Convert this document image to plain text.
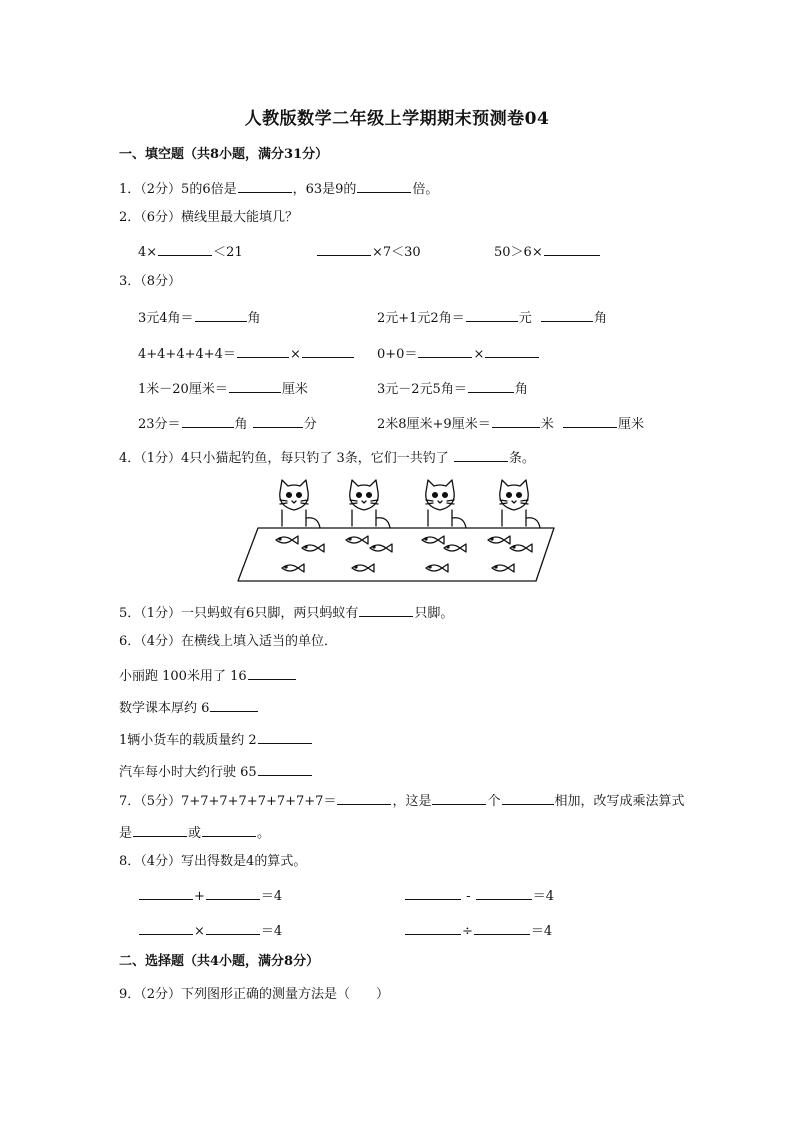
人教版数学二年级上学期期末预测卷04
一、填空题（共8小题，满分31分）
1．（2分）5的6倍是	，63是9的	倍。
2．（6分）横线里最大能填几？
4×	＜21	×7＜30	50＞6×
3．（8分）
3元4角＝	角	2元+1元2角＝	元	角
4+4+4+4+4＝	×	0+0＝	×
1米－20厘米＝	厘米	3元－2元5角＝	角
23分＝	角	分	2米8厘米+9厘米＝	米	厘米
4．（1分）4只小猫起钓鱼，每只钓了 3条，它们一共钓了	条。
5．（1分）一只蚂蚁有6只脚，两只蚂蚁有	只脚。
6．（4分）在横线上填入适当的单位．
小丽跑 100米用了 16
数学课本厚约 6
1辆小货车的载质量约 2
汽车每小时大约行驶 65
7．（5分）7+7+7+7+7+7+7+7＝	，这是	个	相加，改写成乘法算式
是	或	。
8．（4分）写出得数是4的算式。
+	＝4	-	＝4
×	＝4	÷	＝4
二、选择题（共4小题，满分8分）
9．（2分）下列图形正确的测量方法是（　　）
